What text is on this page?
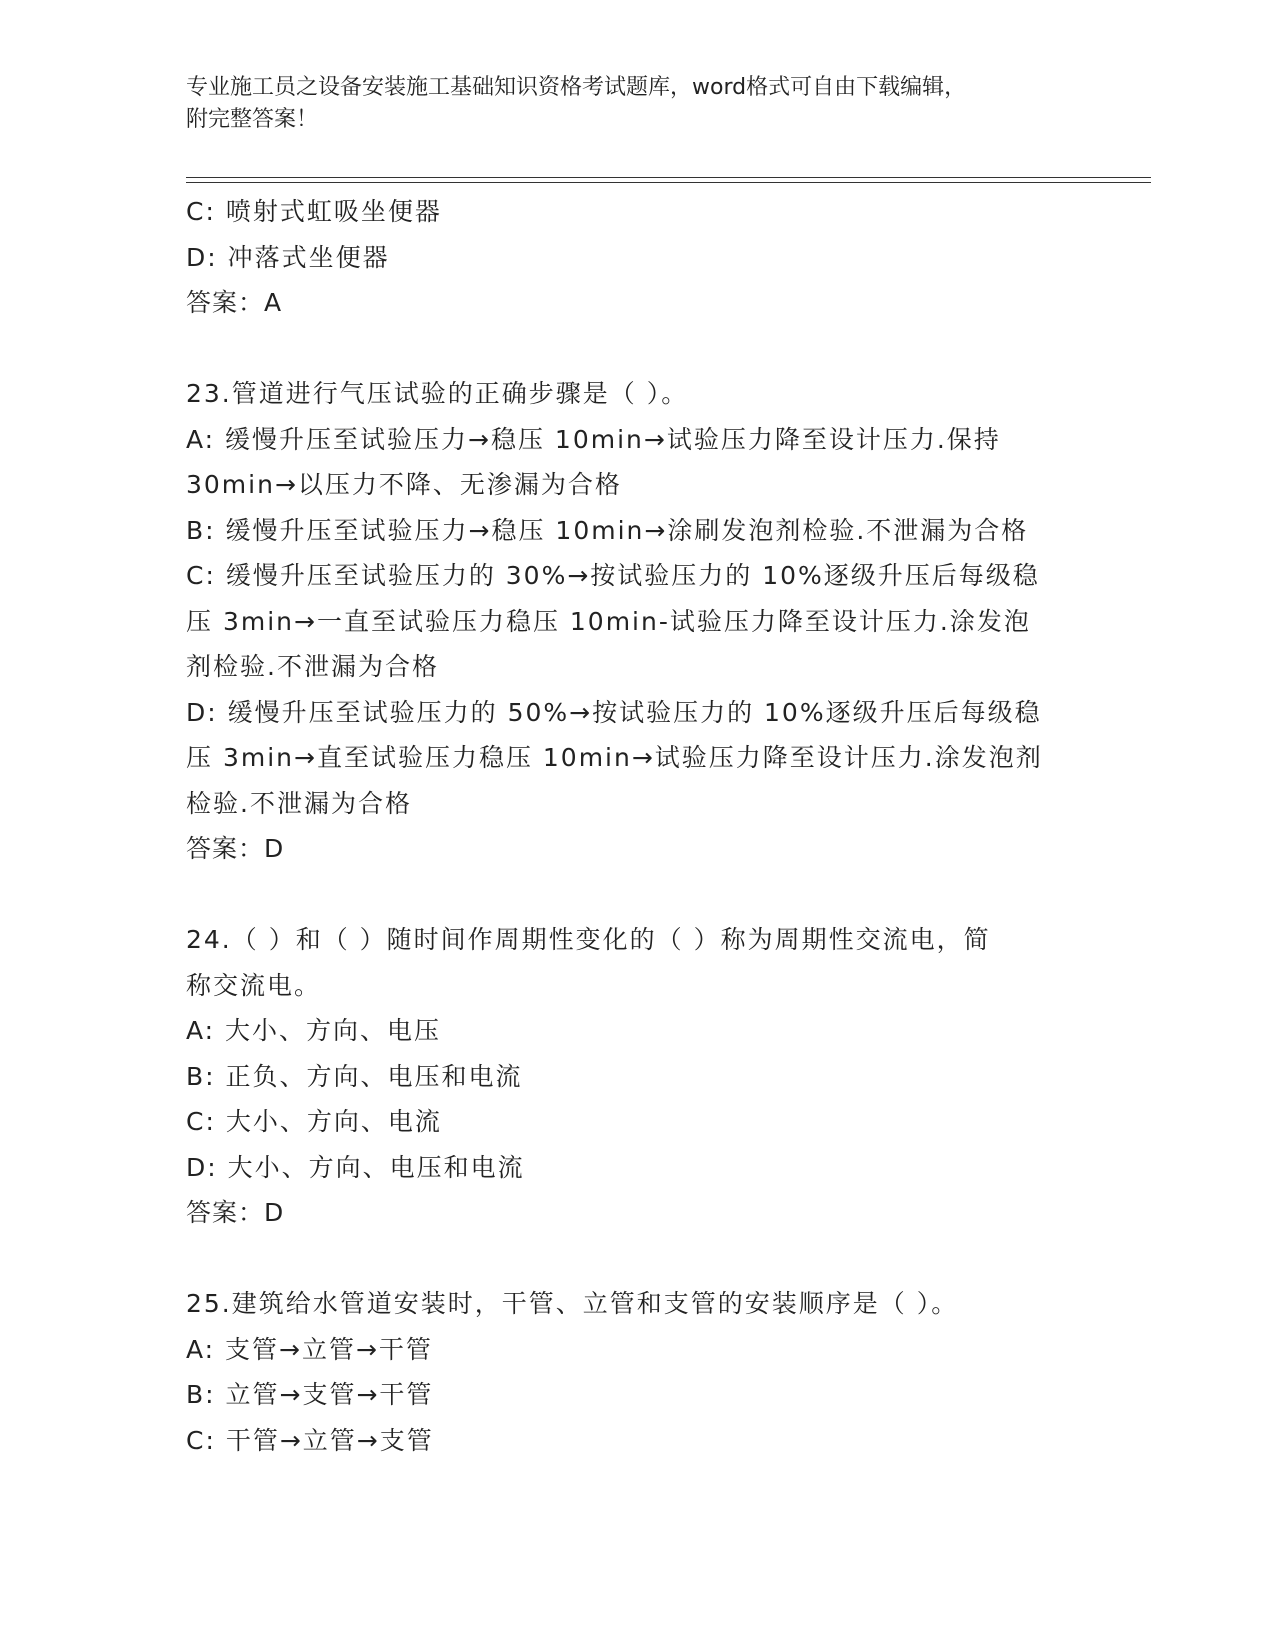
专业施工员之设备安装施工基础知识资格考试题库，word格式可自由下载编辑，
附完整答案！
C: 喷射式虹吸坐便器
D: 冲落式坐便器
答案：A
23.管道进行气压试验的正确步骤是（ ）。
A: 缓慢升压至试验压力→稳压 10min→试验压力降至设计压力.保持
30min→以压力不降、无渗漏为合格
B: 缓慢升压至试验压力→稳压 10min→涂刷发泡剂检验.不泄漏为合格
C: 缓慢升压至试验压力的 30%→按试验压力的 10%逐级升压后每级稳
压 3min→一直至试验压力稳压 10min-试验压力降至设计压力.涂发泡
剂检验.不泄漏为合格
D: 缓慢升压至试验压力的 50%→按试验压力的 10%逐级升压后每级稳
压 3min→直至试验压力稳压 10min→试验压力降至设计压力.涂发泡剂
检验.不泄漏为合格
答案：D
24.（ ）和（ ）随时间作周期性变化的（ ）称为周期性交流电，简
称交流电。
A: 大小、方向、电压
B: 正负、方向、电压和电流
C: 大小、方向、电流
D: 大小、方向、电压和电流
答案：D
25.建筑给水管道安装时，干管、立管和支管的安装顺序是（ ）。
A: 支管→立管→干管
B: 立管→支管→干管
C: 干管→立管→支管
